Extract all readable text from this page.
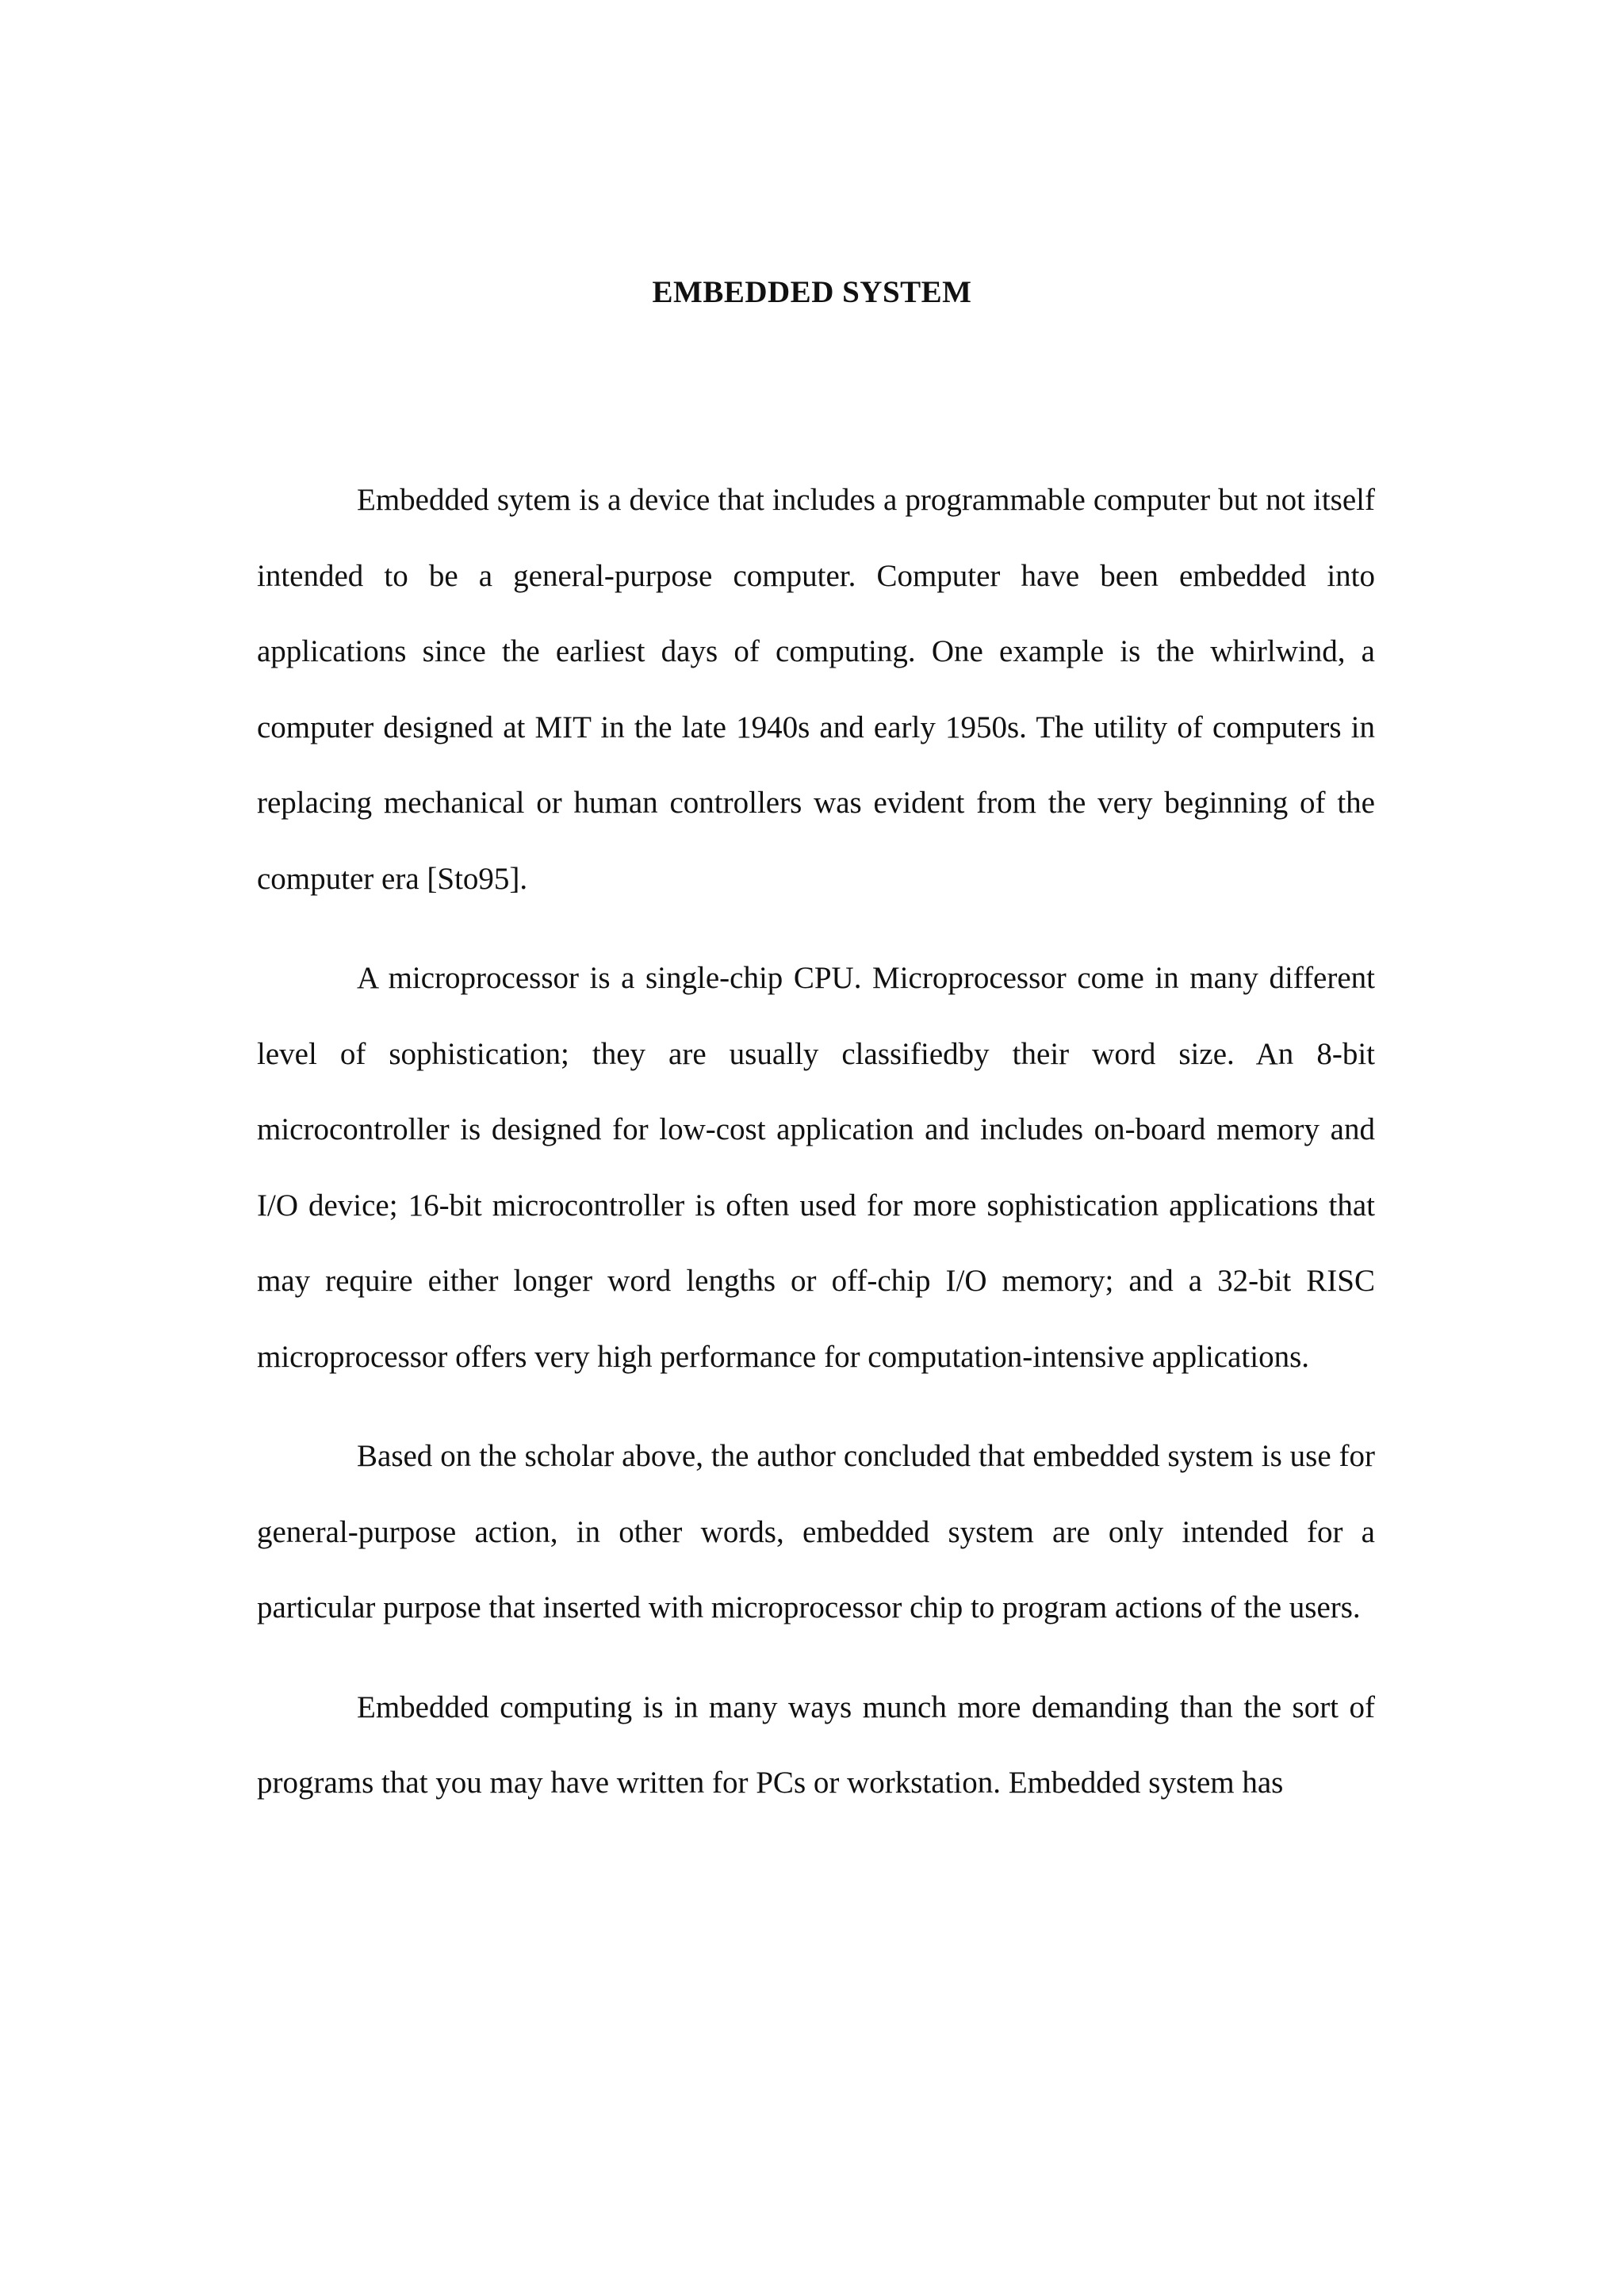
EMBEDDED SYSTEM

Embedded sytem is a device that includes a programmable computer but not itself intended to be a general-purpose computer. Computer have been embedded into applications since the earliest days of computing. One example is the whirlwind, a computer designed at MIT in the late 1940s and early 1950s. The utility of computers in replacing mechanical or human controllers was evident from the very beginning of the computer era [Sto95].

A microprocessor is a single-chip CPU. Microprocessor come in many different level of sophistication; they are usually classifiedby their word size. An 8-bit microcontroller is designed for low-cost application and includes on-board memory and I/O device; 16-bit microcontroller is often used for more sophistication applications that may require either longer word lengths or off-chip I/O memory; and a 32-bit RISC microprocessor offers very high performance for computation-intensive applications.

Based on the scholar above, the author concluded that embedded system is use for general-purpose action, in other words, embedded system are only intended for a particular purpose that inserted with microprocessor chip to program actions of the users.

Embedded computing is in many ways munch more demanding than the sort of programs that you may have written for PCs or workstation. Embedded system has
